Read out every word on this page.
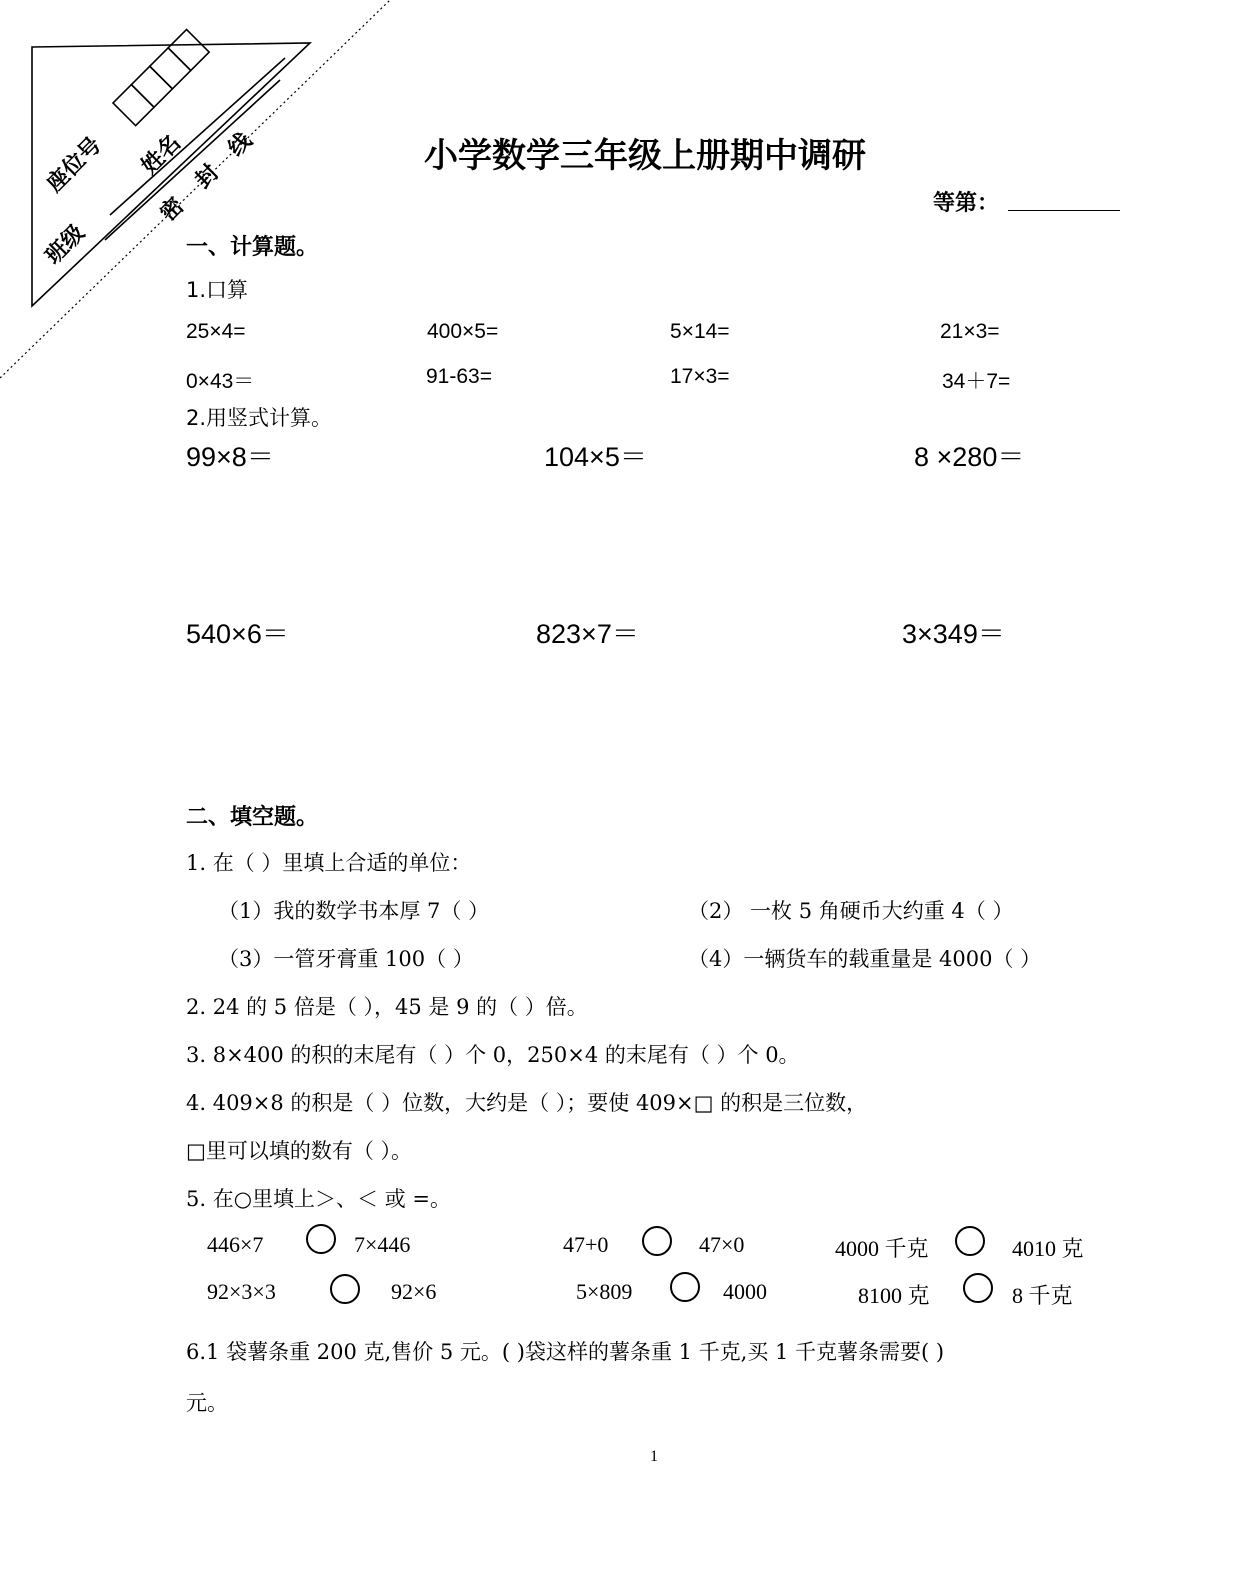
座位号 姓名
班级
密
封
线	小学数学三年级上册期中调研
等第：
一、计算题。
1.口算
25×4=	400×5=	5×14=	21×3=
0×43＝	91-63=	17×3=	34＋7=
2.用竖式计算。
99×8＝	104×5＝	8 ×280＝
540×6＝	823×7＝	3×349＝
二、填空题。
1. 在（ ）里填上合适的单位：
（1）我的数学书本厚 7（ ）	（2） 一枚 5 角硬币大约重 4（ ）
（3）一管牙膏重 100（ ）	（4）一辆货车的载重量是 4000（ ）
2. 24 的 5 倍是（ ），45 是 9 的（ ）倍。
3. 8×400 的积的末尾有（ ）个 0，250×4 的末尾有（ ）个 0。
4. 409×8 的积是（ ）位数，大约是（ ）；要使 409×□ 的积是三位数，
□里可以填的数有（ ）。
5. 在○里填上＞、＜ 或 =。
446×7	7×446	47+0	47×0	4000 千克	4010 克
92×3×3	92×6	5×809	4000	8100 克	8 千克
6.1 袋薯条重 200 克,售价 5 元。( )袋这样的薯条重 1 千克,买 1 千克薯条需要( )
元。
1
